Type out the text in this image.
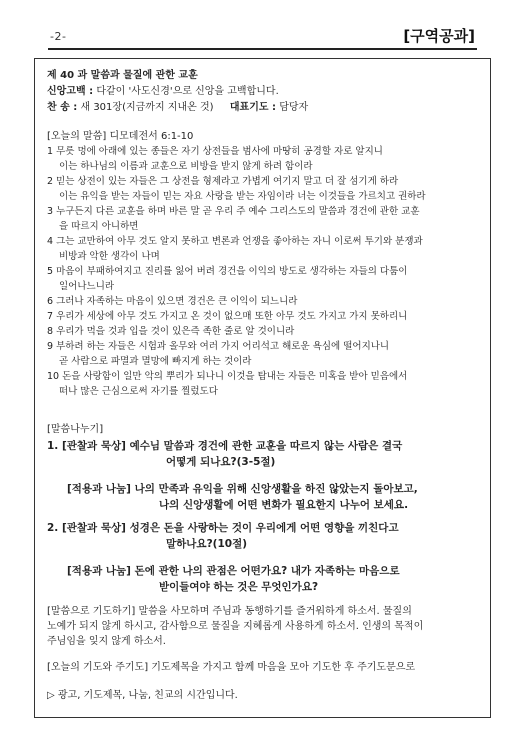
-2-	[구역공과]
제 40 과 말씀과 물질에 관한 교훈
신앙고백 : 다같이 '사도신경'으로 신앙을 고백합니다.
찬 송 : 새 301장(지금까지 지내온 것) 대표기도 : 담당자
[오늘의 말씀] 디모데전서 6:1-10
1 무릇 멍에 아래에 있는 종들은 자기 상전들을 범사에 마땅히 공경할 자로 알지니
이는 하나님의 이름과 교훈으로 비방을 받지 않게 하려 함이라
2 믿는 상전이 있는 자들은 그 상전을 형제라고 가볍게 여기지 말고 더 잘 섬기게 하라
이는 유익을 받는 자들이 믿는 자요 사랑을 받는 자임이라 너는 이것들을 가르치고 권하라
3 누구든지 다른 교훈을 하며 바른 말 곧 우리 주 예수 그리스도의 말씀과 경건에 관한 교훈
을 따르지 아니하면
4 그는 교만하여 아무 것도 알지 못하고 변론과 언쟁을 좋아하는 자니 이로써 투기와 분쟁과
비방과 악한 생각이 나며
5 마음이 부패하여지고 진리를 잃어 버려 경건을 이익의 방도로 생각하는 자들의 다툼이
일어나느니라
6 그러나 자족하는 마음이 있으면 경건은 큰 이익이 되느니라
7 우리가 세상에 아무 것도 가지고 온 것이 없으매 또한 아무 것도 가지고 가지 못하리니
8 우리가 먹을 것과 입을 것이 있은즉 족한 줄로 알 것이니라
9 부하려 하는 자들은 시험과 올무와 여러 가지 어리석고 해로운 욕심에 떨어지나니
곧 사람으로 파멸과 멸망에 빠지게 하는 것이라
10 돈을 사랑함이 일만 악의 뿌리가 되나니 이것을 탐내는 자들은 미혹을 받아 믿음에서
떠나 많은 근심으로써 자기를 찔렀도다
[말씀나누기]
1. [관찰과 묵상] 예수님 말씀과 경건에 관한 교훈을 따르지 않는 사람은 결국
어떻게 되나요?(3-5절)
[적용과 나눔] 나의 만족과 유익을 위해 신앙생활을 하진 않았는지 돌아보고,
나의 신앙생활에 어떤 변화가 필요한지 나누어 보세요.
2. [관찰과 묵상] 성경은 돈을 사랑하는 것이 우리에게 어떤 영향을 끼친다고
말하나요?(10절)
[적용과 나눔] 돈에 관한 나의 관점은 어떤가요? 내가 자족하는 마음으로
받이들여야 하는 것은 무엇인가요?
[말씀으로 기도하기] 말씀을 사모하며 주님과 동행하기를 즐거워하게 하소서. 물질의
노예가 되지 않게 하시고, 감사함으로 물질을 지혜롭게 사용하게 하소서. 인생의 목적이
주님임을 잊지 않게 하소서.
[오늘의 기도와 주기도] 기도제목을 가지고 함께 마음을 모아 기도한 후 주기도문으로
▷ 광고, 기도제목, 나눔, 친교의 시간입니다.
